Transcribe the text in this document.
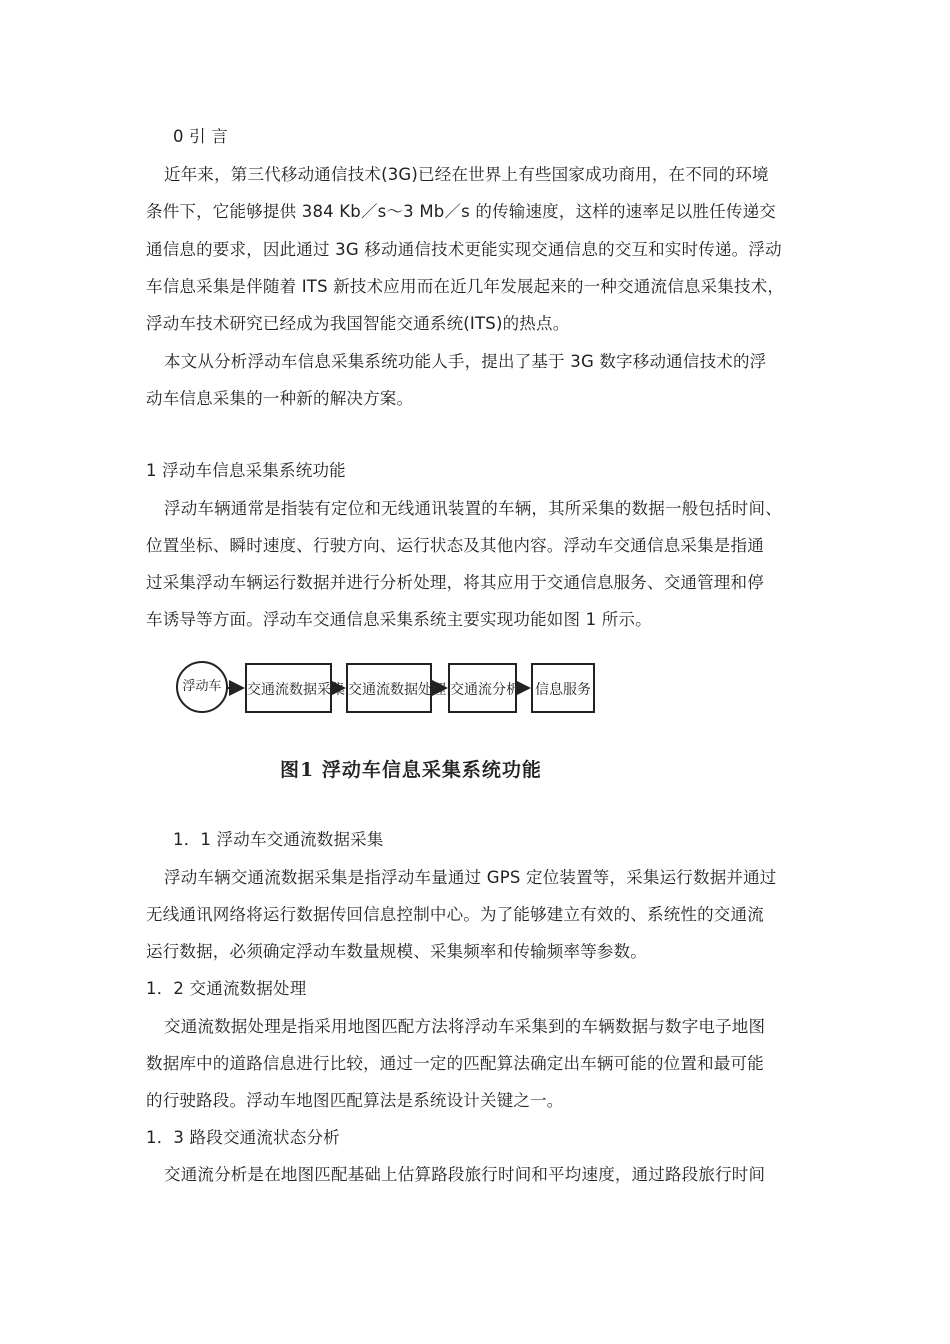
0 引 言
近年来，第三代移动通信技术(3G)已经在世界上有些国家成功商用，在不同的环境
条件下，它能够提供 384 Kb／s～3 Mb／s 的传输速度，这样的速率足以胜任传递交
通信息的要求，因此通过 3G 移动通信技术更能实现交通信息的交互和实时传递。浮动
车信息采集是伴随着 ITS 新技术应用而在近几年发展起来的一种交通流信息采集技术，
浮动车技术研究已经成为我国智能交通系统(ITS)的热点。
本文从分析浮动车信息采集系统功能人手，提出了基于 3G 数字移动通信技术的浮
动车信息采集的一种新的解决方案。
1 浮动车信息采集系统功能
浮动车辆通常是指装有定位和无线通讯装置的车辆，其所采集的数据一般包括时间、
位置坐标、瞬时速度、行驶方向、运行状态及其他内容。浮动车交通信息采集是指通
过采集浮动车辆运行数据并进行分析处理，将其应用于交通信息服务、交通管理和停
车诱导等方面。浮动车交通信息采集系统主要实现功能如图 1 所示。
浮动车	交通流数据采集 交通流数据处理 交通流分析 信息服务
图1 浮动车信息采集系统功能
1．1 浮动车交通流数据采集
浮动车辆交通流数据采集是指浮动车量通过 GPS 定位装置等，采集运行数据并通过
无线通讯网络将运行数据传回信息控制中心。为了能够建立有效的、系统性的交通流
运行数据，必须确定浮动车数量规模、采集频率和传输频率等参数。
1．2 交通流数据处理
交通流数据处理是指采用地图匹配方法将浮动车采集到的车辆数据与数字电子地图
数据库中的道路信息进行比较，通过一定的匹配算法确定出车辆可能的位置和最可能
的行驶路段。浮动车地图匹配算法是系统设计关键之一。
1．3 路段交通流状态分析
交通流分析是在地图匹配基础上估算路段旅行时间和平均速度，通过路段旅行时间
